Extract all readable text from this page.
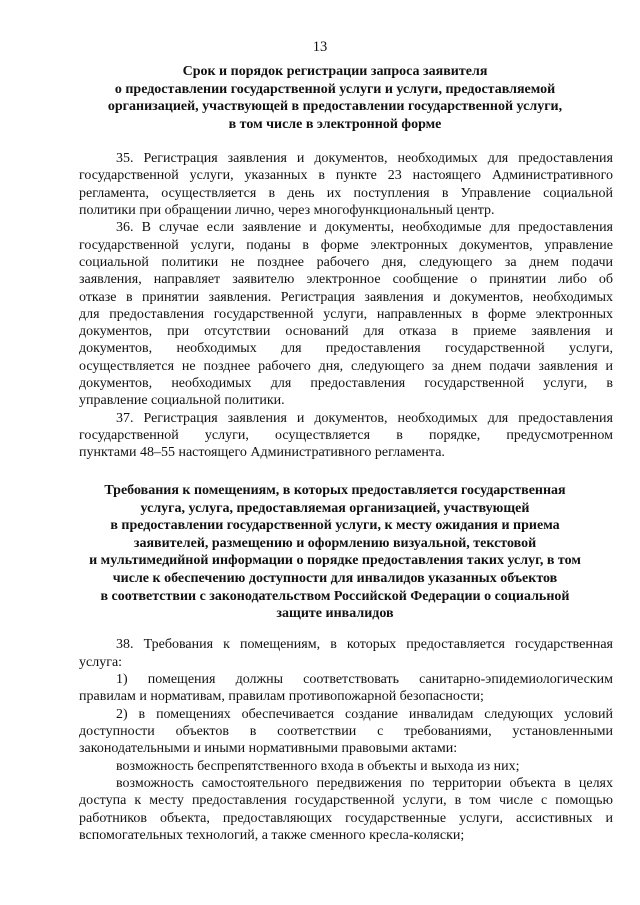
13
Срок и порядок регистрации запроса заявителя
о предоставлении государственной услуги и услуги, предоставляемой
организацией, участвующей в предоставлении государственной услуги,
в том числе в электронной форме
35. Регистрация заявления и документов, необходимых для предоставления
государственной услуги, указанных в пункте 23 настоящего Административного
регламента, осуществляется в день их поступления в Управление социальной
политики при обращении лично, через многофункциональный центр.
36. В случае если заявление и документы, необходимые для предоставления
государственной услуги, поданы в форме электронных документов, управление
социальной политики не позднее рабочего дня, следующего за днем подачи
заявления, направляет заявителю электронное сообщение о принятии либо об
отказе в принятии заявления. Регистрация заявления и документов, необходимых
для предоставления государственной услуги, направленных в форме электронных
документов, при отсутствии оснований для отказа в приеме заявления и
документов, необходимых для предоставления государственной услуги,
осуществляется не позднее рабочего дня, следующего за днем подачи заявления и
документов, необходимых для предоставления государственной услуги, в
управление социальной политики.
37. Регистрация заявления и документов, необходимых для предоставления
государственной услуги, осуществляется в порядке, предусмотренном
пунктами 48–55 настоящего Административного регламента.
Требования к помещениям, в которых предоставляется государственная
услуга, услуга, предоставляемая организацией, участвующей
в предоставлении государственной услуги, к месту ожидания и приема
заявителей, размещению и оформлению визуальной, текстовой
и мультимедийной информации о порядке предоставления таких услуг, в том
числе к обеспечению доступности для инвалидов указанных объектов
в соответствии с законодательством Российской Федерации о социальной
защите инвалидов
38. Требования к помещениям, в которых предоставляется государственная
услуга:
1) помещения должны соответствовать санитарно-эпидемиологическим
правилам и нормативам, правилам противопожарной безопасности;
2) в помещениях обеспечивается создание инвалидам следующих условий
доступности объектов в соответствии с требованиями, установленными
законодательными и иными нормативными правовыми актами:
возможность беспрепятственного входа в объекты и выхода из них;
возможность самостоятельного передвижения по территории объекта в целях
доступа к месту предоставления государственной услуги, в том числе с помощью
работников объекта, предоставляющих государственные услуги, ассистивных и
вспомогательных технологий, а также сменного кресла-коляски;
